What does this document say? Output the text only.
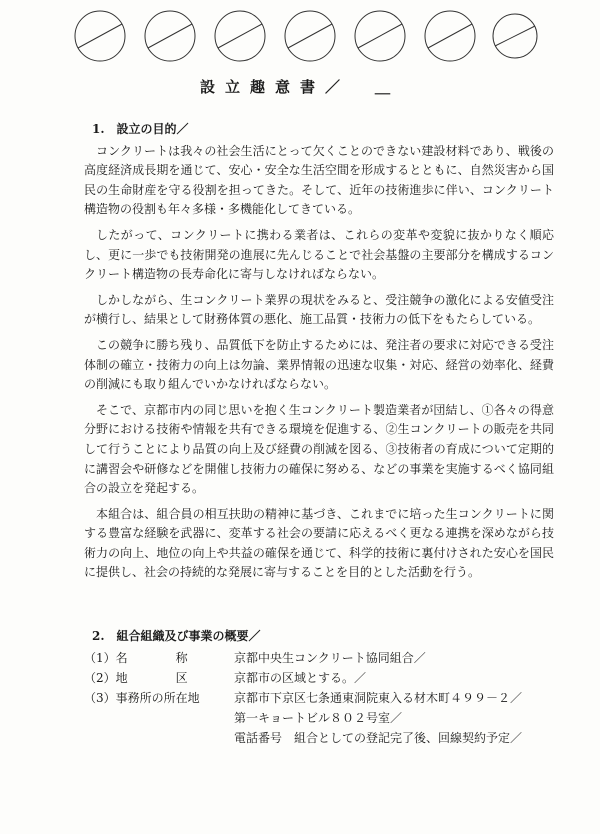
設立趣意書／　＿
1.　設立の目的／

コンクリートは我々の社会生活にとって欠くことのできない建設材料であり、戦後の高度経済成長期を通じて、安心・安全な生活空間を形成するとともに、自然災害から国民の生命財産を守る役割を担ってきた。そして、近年の技術進歩に伴い、コンクリート構造物の役割も年々多様・多機能化してきている。

したがって、コンクリートに携わる業者は、これらの変革や変貌に抜かりなく順応し、更に一歩でも技術開発の進展に先んじることで社会基盤の主要部分を構成するコンクリート構造物の長寿命化に寄与しなければならない。

しかしながら、生コンクリート業界の現状をみると、受注競争の激化による安値受注が横行し、結果として財務体質の悪化、施工品質・技術力の低下をもたらしている。

この競争に勝ち残り、品質低下を防止するためには、発注者の要求に対応できる受注体制の確立・技術力の向上は勿論、業界情報の迅速な収集・対応、経営の効率化、経費の削減にも取り組んでいかなければならない。

そこで、京都市内の同じ思いを抱く生コンクリート製造業者が団結し、①各々の得意分野における技術や情報を共有できる環境を促進する、②生コンクリートの販売を共同して行うことにより品質の向上及び経費の削減を図る、③技術者の育成について定期的に講習会や研修などを開催し技術力の確保に努める、などの事業を実施するべく協同組合の設立を発起する。

本組合は、組合員の相互扶助の精神に基づき、これまでに培った生コンクリートに関する豊富な経験を武器に、変革する社会の要請に応えるべく更なる連携を深めながら技術力の向上、地位の向上や共益の確保を通じて、科学的技術に裏付けされた安心を国民に提供し、社会の持続的な発展に寄与することを目的とした活動を行う。

2.　組合組織及び事業の概要／
（1）名　　　　称	京都中央生コンクリート協同組合／
（2）地　　　　区	京都市の区域とする。／
（3）事務所の所在地	京都市下京区七条通東洞院東入る材木町４９９－２／
第一キョートビル８０２号室／
電話番号　組合としての登記完了後、回線契約予定／
